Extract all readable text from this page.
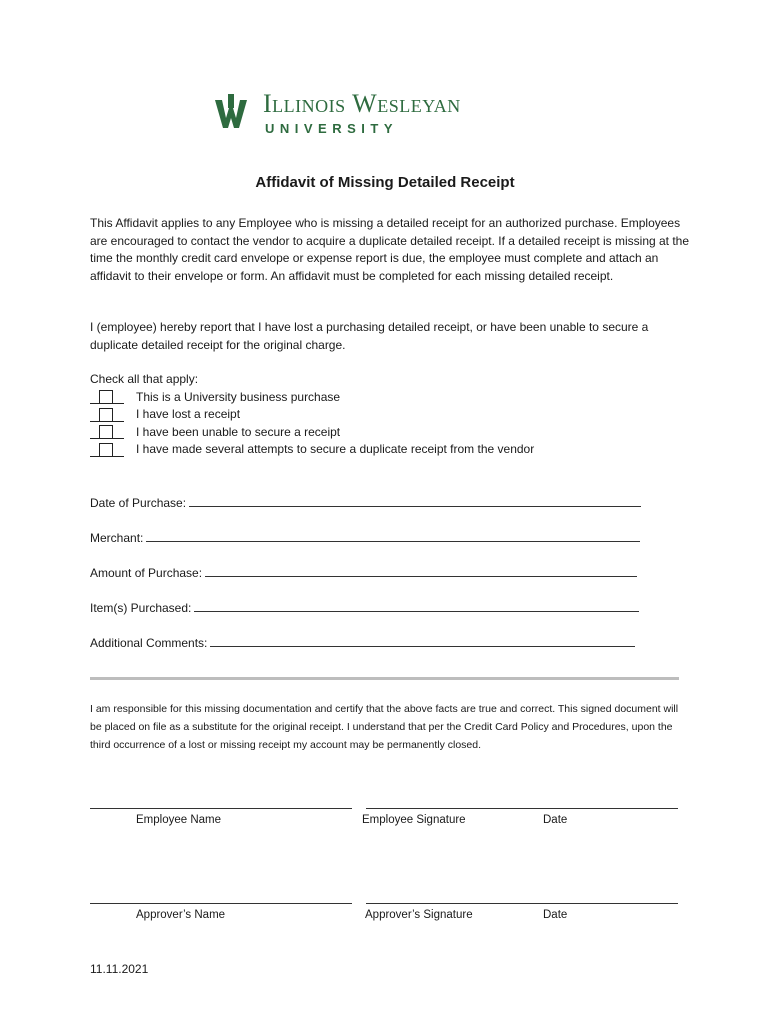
Illinois Wesleyan
UNIVERSITY
Affidavit of Missing Detailed Receipt

This Affidavit applies to any Employee who is missing a detailed receipt for an authorized purchase. Employees are encouraged to contact the vendor to acquire a duplicate detailed receipt. If a detailed receipt is missing at the time the monthly credit card envelope or expense report is due, the employee must complete and attach an affidavit to their envelope or form. An affidavit must be completed for each missing detailed receipt.

I (employee) hereby report that I have lost a purchasing detailed receipt, or have been unable to secure a duplicate detailed receipt for the original charge.

Check all that apply:

This is a University business purchase
I have lost a receipt
I have been unable to secure a receipt
I have made several attempts to secure a duplicate receipt from the vendor
Date of Purchase:
Merchant:
Amount of Purchase:
Item(s) Purchased:
Additional Comments:

I am responsible for this missing documentation and certify that the above facts are true and correct. This signed document will be placed on file as a substitute for the original receipt. I understand that per the Credit Card Policy and Procedures, upon the third occurrence of a lost or missing receipt my account may be permanently closed.

Employee Name	Employee Signature	Date
Approver’s Name	Approver’s Signature	Date
11.11.2021
